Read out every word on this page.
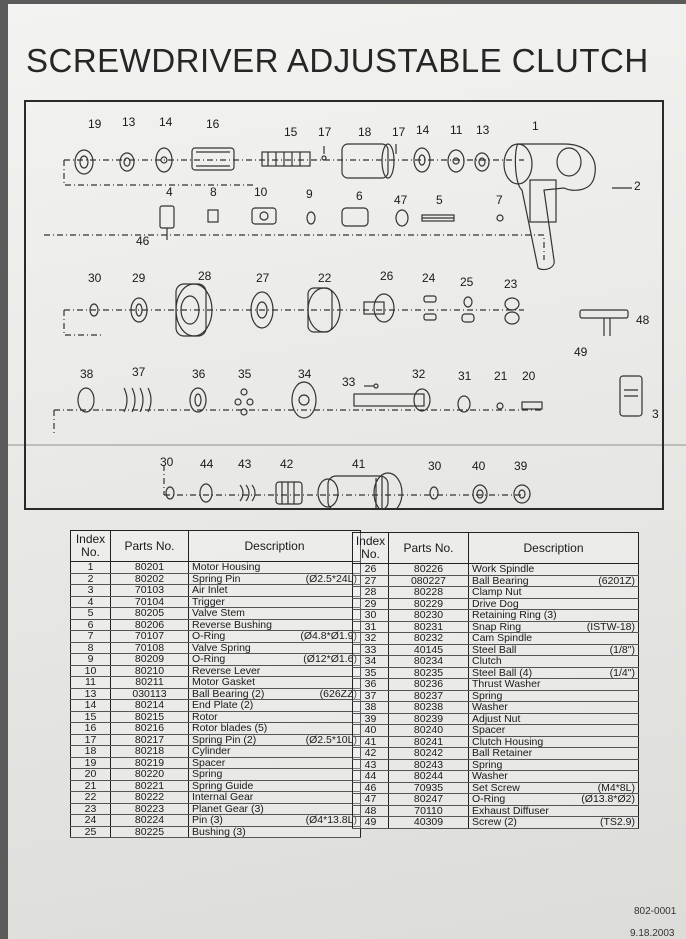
SCREWDRIVER ADJUSTABLE CLUTCH
19 13 14	16
15 17 18 17 14 11 13	1
2
4	8	10	9	6	47 5	7
46
30	29	28	27	22	26 24 25	23
48
49
38	37	36	35	34
33
32	31 21 20
3
30 44 43 42	41	30	40 39
Index No.	Parts No.	Description
1	80201	Motor Housing

2	80202	Spring Pin (Ø2.5*24L)

3	70103	Air Inlet

4	70104	Trigger

5	80205	Valve Stem

6	80206	Reverse Bushing

7	70107	O-Ring (Ø4.8*Ø1.9)

8	70108	Valve Spring

9	80209	O-Ring (Ø12*Ø1.6)

10	80210	Reverse Lever

11	80211	Motor Gasket

13	030113	Ball Bearing (2) (626ZZ)

14	80214	End Plate (2)

15	80215	Rotor

16	80216	Rotor blades (5)

17	80217	Spring Pin (2) (Ø2.5*10L)

18	80218	Cylinder

19	80219	Spacer

20	80220	Spring

21	80221	Spring Guide

22	80222	Internal Gear

23	80223	Planet Gear (3)

24	80224	Pin (3) (Ø4*13.8L)

25	80225	Bushing (3)
Index No.	Parts No.	Description
26	80226	Work Spindle

27	080227	Ball Bearing (6201Z)

28	80228	Clamp Nut

29	80229	Drive Dog

30	80230	Retaining Ring (3)

31	80231	Snap Ring (ISTW-18)

32	80232	Cam Spindle

33	40145	Steel Ball (1/8")

34	80234	Clutch

35	80235	Steel Ball (4) (1/4")

36	80236	Thrust Washer

37	80237	Spring

38	80238	Washer

39	80239	Adjust Nut

40	80240	Spacer

41	80241	Clutch Housing

42	80242	Ball Retainer

43	80243	Spring

44	80244	Washer

46	70935	Set Screw (M4*8L)

47	80247	O-Ring (Ø13.8*Ø2)

48	70110	Exhaust Diffuser

49	40309	Screw (2) (TS2.9)
802-0001
9.18.2003
